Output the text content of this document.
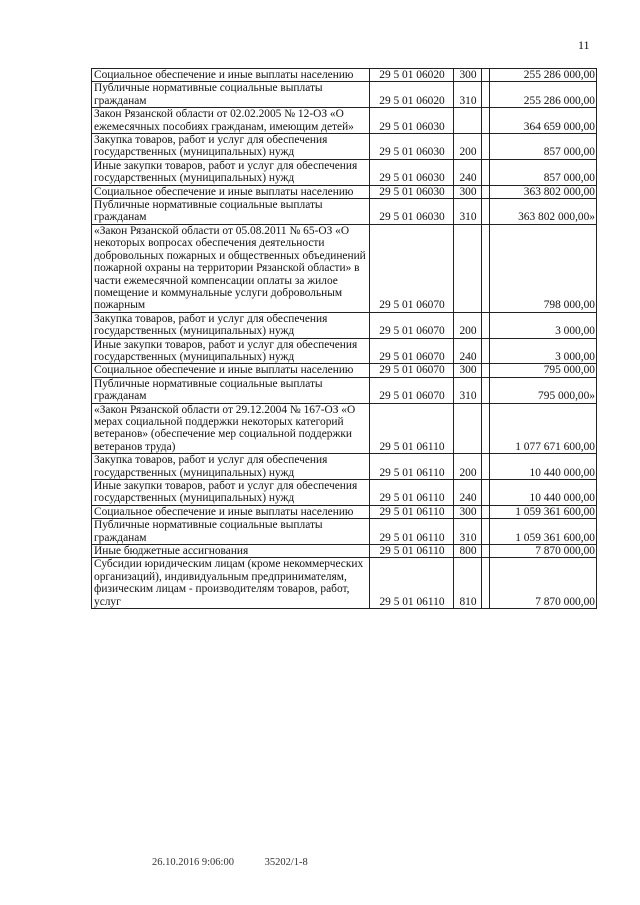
11
Социальное обеспечение и иные выплаты населению	29 5 01 06020	300		255 286 000,00
Публичные нормативные социальные выплаты гражданам	29 5 01 06020	310		255 286 000,00
Закон Рязанской области от 02.02.2005 № 12-ОЗ «О ежемесячных пособиях гражданам, имеющим детей»	29 5 01 06030			364 659 000,00
Закупка товаров, работ и услуг для обеспечения государственных (муниципальных) нужд	29 5 01 06030	200		857 000,00
Иные закупки товаров, работ и услуг для обеспечения государственных (муниципальных) нужд	29 5 01 06030	240		857 000,00
Социальное обеспечение и иные выплаты населению	29 5 01 06030	300		363 802 000,00
Публичные нормативные социальные выплаты гражданам	29 5 01 06030	310		363 802 000,00»
«Закон Рязанской области от 05.08.2011 № 65-ОЗ «О некоторых вопросах обеспечения деятельности добровольных пожарных и общественных объединений пожарной охраны на территории Рязанской области» в части ежемесячной компенсации оплаты за жилое помещение и коммунальные услуги добровольным пожарным	29 5 01 06070			798 000,00
Закупка товаров, работ и услуг для обеспечения государственных (муниципальных) нужд	29 5 01 06070	200		3 000,00
Иные закупки товаров, работ и услуг для обеспечения государственных (муниципальных) нужд	29 5 01 06070	240		3 000,00
Социальное обеспечение и иные выплаты населению	29 5 01 06070	300		795 000,00
Публичные нормативные социальные выплаты гражданам	29 5 01 06070	310		795 000,00»
«Закон Рязанской области от 29.12.2004 № 167-ОЗ «О мерах социальной поддержки некоторых категорий ветеранов» (обеспечение мер социальной поддержки ветеранов труда)	29 5 01 06110			1 077 671 600,00
Закупка товаров, работ и услуг для обеспечения государственных (муниципальных) нужд	29 5 01 06110	200		10 440 000,00
Иные закупки товаров, работ и услуг для обеспечения государственных (муниципальных) нужд	29 5 01 06110	240		10 440 000,00
Социальное обеспечение и иные выплаты населению	29 5 01 06110	300		1 059 361 600,00
Публичные нормативные социальные выплаты гражданам	29 5 01 06110	310		1 059 361 600,00
Иные бюджетные ассигнования	29 5 01 06110	800		7 870 000,00
Субсидии юридическим лицам (кроме некоммерческих организаций), индивидуальным предпринимателям, физическим лицам - производителям товаров, работ, услуг	29 5 01 06110	810		7 870 000,00
26.10.2016 9:06:00	35202/1-8
